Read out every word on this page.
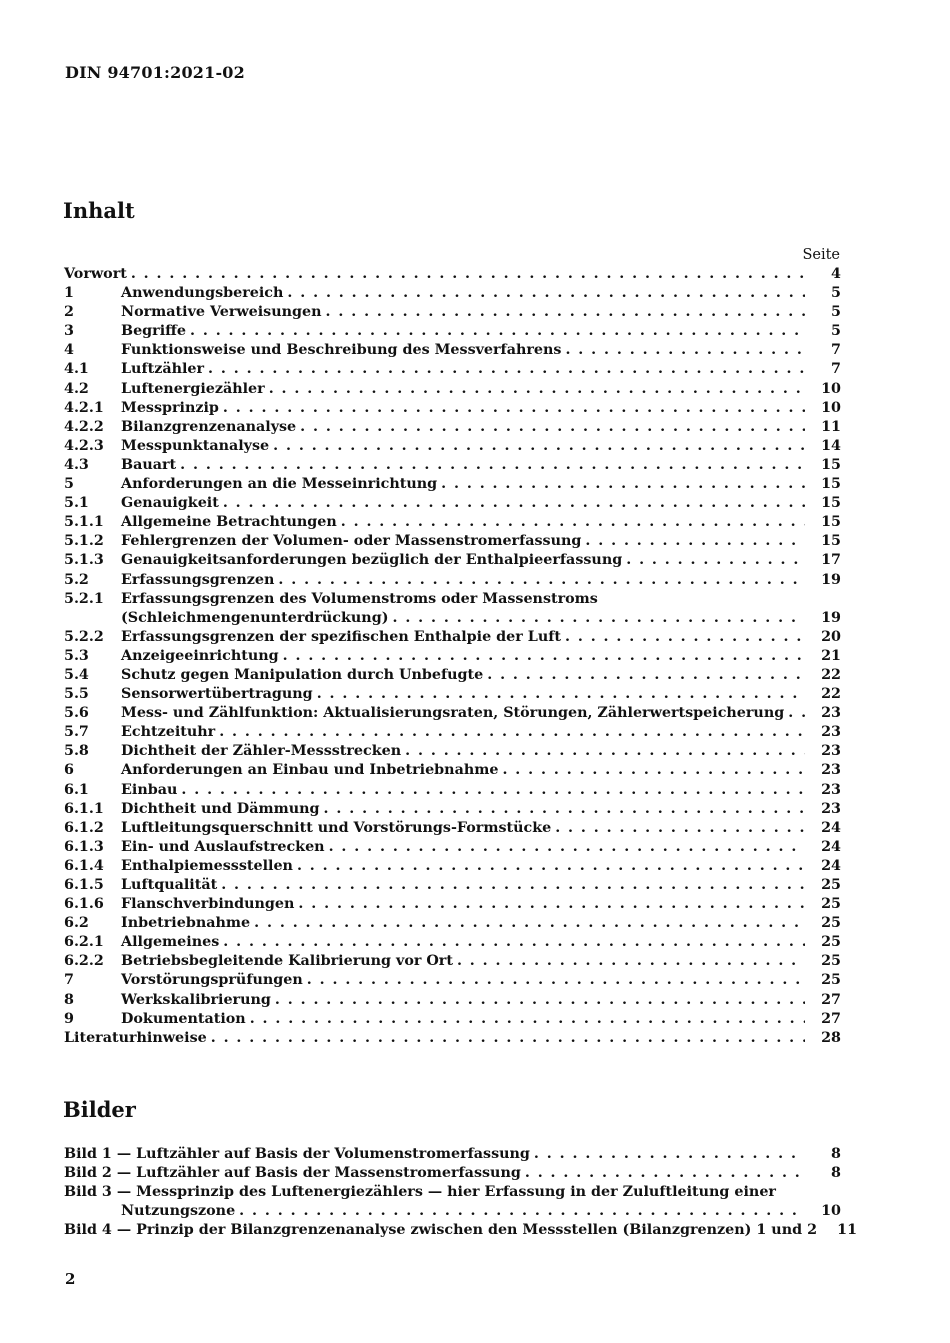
DIN 94701:2021-02
Inhalt
Seite
Vorwort . . .	4
1	Anwendungsbereich . . .	5
2	Normative Verweisungen . . .	5
3	Begriffe . . .	5
4	Funktionsweise und Beschreibung des Messverfahrens . . .	7
4.1 Luftzähler . . .	7
4.2 Luftenergiezähler . . .	10
4.2.1 Messprinzip . . .	10
4.2.2 Bilanzgrenzenanalyse . . .	11
4.2.3 Messpunktanalyse . . .	14
4.3 Bauart . . .	15
5	Anforderungen an die Messeinrichtung . . .	15
5.1 Genauigkeit . . .	15
5.1.1 Allgemeine Betrachtungen . . .	15
5.1.2 Fehlergrenzen der Volumen- oder Massenstromerfassung . . .	15
5.1.3 Genauigkeitsanforderungen bezüglich der Enthalpieerfassung . . .	17
5.2 Erfassungsgrenzen . . .	19
5.2.1 Erfassungsgrenzen des Volumenstroms oder Massenstroms
(Schleichmengenunterdrückung) . . .	19
5.2.2 Erfassungsgrenzen der spezifischen Enthalpie der Luft . . .	20
5.3 Anzeigeeinrichtung . . .	21
5.4 Schutz gegen Manipulation durch Unbefugte . . .	22
5.5 Sensorwertübertragung . . .	22
5.6 Mess- und Zählfunktion: Aktualisierungsraten, Störungen, Zählerwertspeicherung . . .	23
5.7 Echtzeituhr . . .	23
5.8 Dichtheit der Zähler-Messstrecken . . .	23
6	Anforderungen an Einbau und Inbetriebnahme . . .	23
6.1 Einbau . . .	23
6.1.1 Dichtheit und Dämmung . . .	23
6.1.2 Luftleitungsquerschnitt und Vorstörungs-Formstücke . . .	24
6.1.3 Ein- und Auslaufstrecken . . .	24
6.1.4 Enthalpiemessstellen . . .	24
6.1.5 Luftqualität . . .	25
6.1.6 Flanschverbindungen . . .	25
6.2 Inbetriebnahme . . .	25
6.2.1 Allgemeines . . .	25
6.2.2 Betriebsbegleitende Kalibrierung vor Ort . . .	25
7	Vorstörungsprüfungen . . .	25
8	Werkskalibrierung . . .	27
9	Dokumentation . . .	27
Literaturhinweise . . .	28
Bilder
Bild 1 — Luftzähler auf Basis der Volumenstromerfassung . . .	8
Bild 2 — Luftzähler auf Basis der Massenstromerfassung . . .	8
Bild 3 — Messprinzip des Luftenergiezählers — hier Erfassung in der Zuluftleitung einer
Nutzungszone . . .	10
Bild 4 — Prinzip der Bilanzgrenzenanalyse zwischen den Messstellen (Bilanzgrenzen) 1 und 2	11
2
